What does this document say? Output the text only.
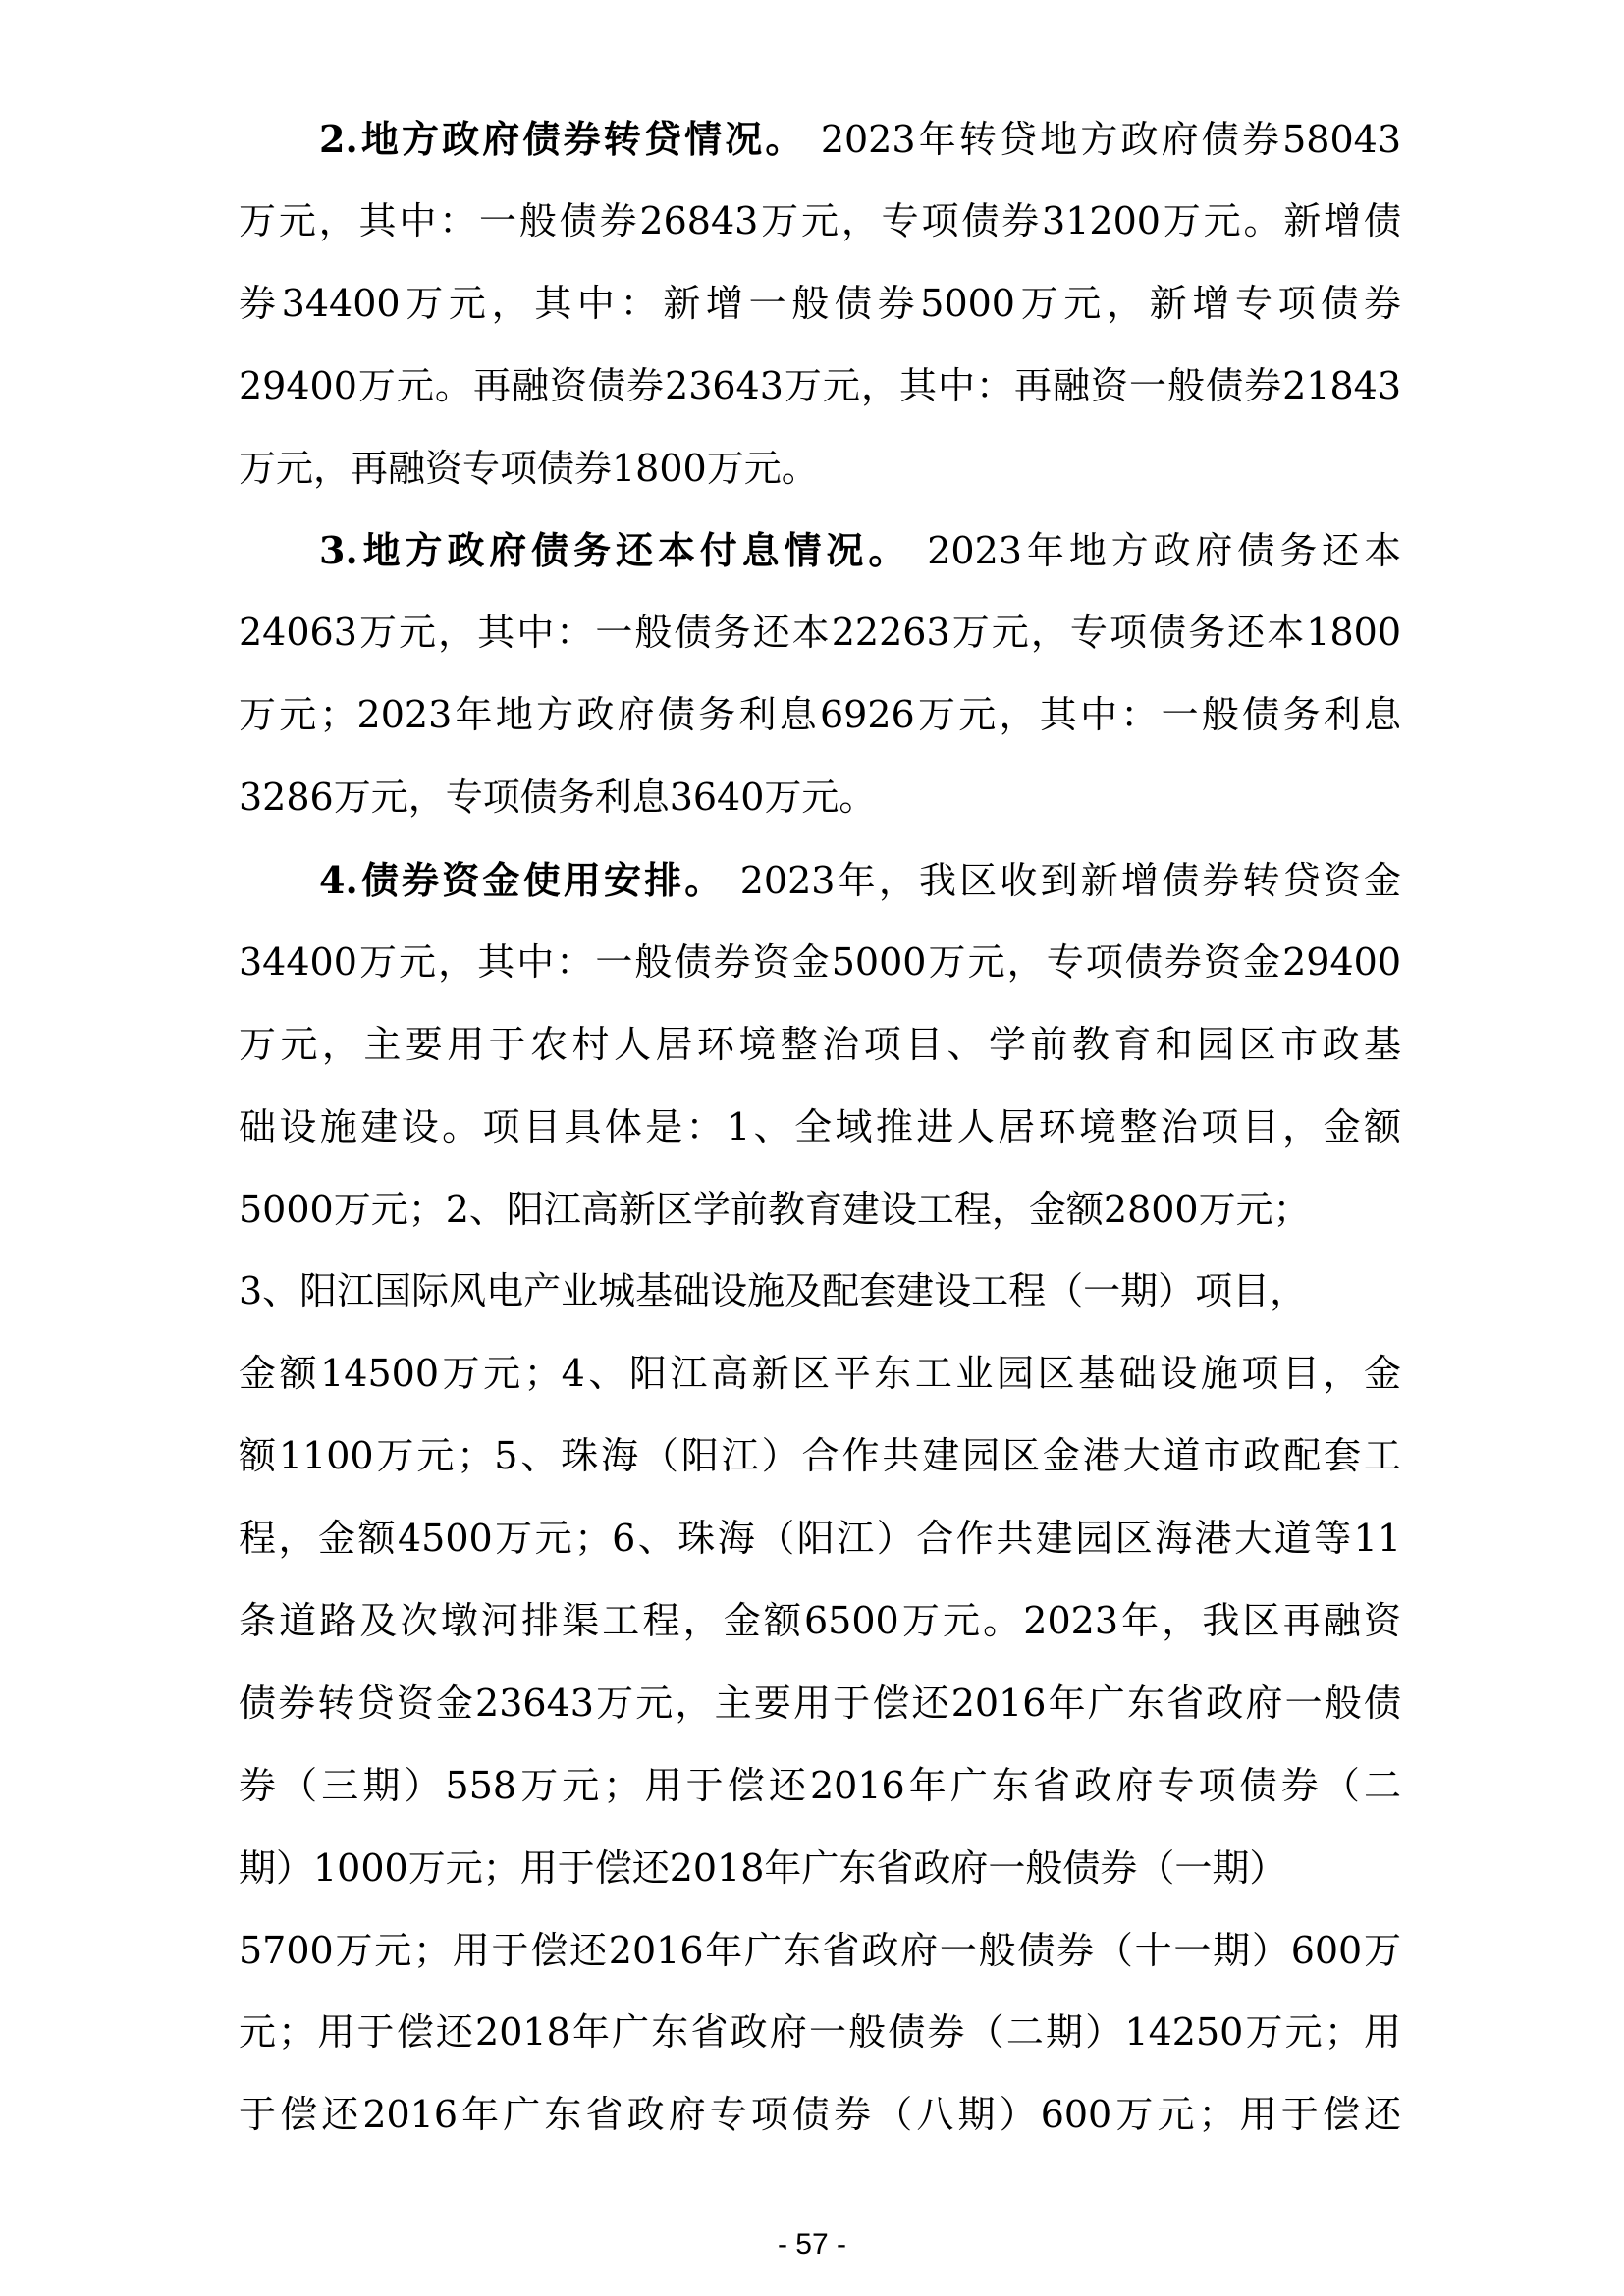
2.地方政府债券转贷情况。 2023年转贷地方政府债券58043
万元，其中：一般债券26843万元，专项债券31200万元。新增债
券34400万元，其中：新增一般债券5000万元，新增专项债券
29400万元。再融资债券23643万元，其中：再融资一般债券21843
万元，再融资专项债券1800万元。
3.地方政府债务还本付息情况。 2023年地方政府债务还本
24063万元，其中：一般债务还本22263万元，专项债务还本1800
万元；2023年地方政府债务利息6926万元，其中：一般债务利息
3286万元，专项债务利息3640万元。
4.债券资金使用安排。 2023年，我区收到新增债券转贷资金
34400万元，其中：一般债券资金5000万元，专项债券资金29400
万元，主要用于农村人居环境整治项目、学前教育和园区市政基
础设施建设。项目具体是：1、全域推进人居环境整治项目，金额
5000万元；2、阳江高新区学前教育建设工程，金额2800万元；
3、阳江国际风电产业城基础设施及配套建设工程（一期）项目，
金额14500万元；4、阳江高新区平东工业园区基础设施项目，金
额1100万元；5、珠海（阳江）合作共建园区金港大道市政配套工
程，金额4500万元；6、珠海（阳江）合作共建园区海港大道等11
条道路及次墩河排渠工程，金额6500万元。2023年，我区再融资
债券转贷资金23643万元，主要用于偿还2016年广东省政府一般债
券（三期）558万元；用于偿还2016年广东省政府专项债券（二
期）1000万元；用于偿还2018年广东省政府一般债券（一期）
5700万元；用于偿还2016年广东省政府一般债券（十一期）600万
元；用于偿还2018年广东省政府一般债券（二期）14250万元；用
于偿还2016年广东省政府专项债券（八期）600万元；用于偿还
- 57 -
